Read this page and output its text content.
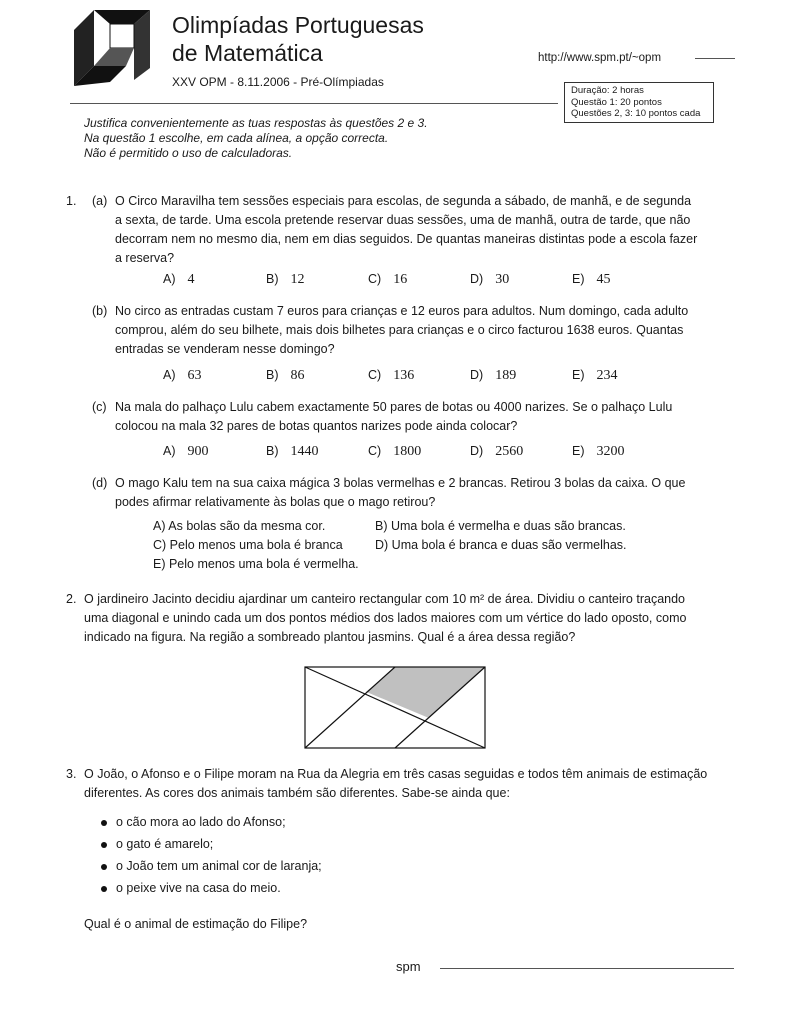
Olimpíadas Portuguesas
de Matemática
XXV OPM - 8.11.2006 - Pré-Olímpiadas
http://www.spm.pt/~opm
Duração: 2 horas
Questão 1: 20 pontos
Questões 2, 3: 10 pontos cada
Justifica convenientemente as tuas respostas às questões 2 e 3.
Na questão 1 escolhe, em cada alínea, a opção correcta.
Não é permitido o uso de calculadoras.
1. (a) O Circo Maravilha tem sessões especiais para escolas, de segunda a sábado, de manhã, e de segunda
a sexta, de tarde. Uma escola pretende reservar duas sessões, uma de manhã, outra de tarde, que não
decorram nem no mesmo dia, nem em dias seguidos. De quantas maneiras distintas pode a escola fazer
a reserva?
A) 4	B) 12	C) 16	D) 30	E) 45
(b) No circo as entradas custam 7 euros para crianças e 12 euros para adultos. Num domingo, cada adulto
comprou, além do seu bilhete, mais dois bilhetes para crianças e o circo facturou 1638 euros. Quantas
entradas se venderam nesse domingo?
A) 63	B) 86	C) 136	D) 189	E) 234
(c) Na mala do palhaço Lulu cabem exactamente 50 pares de botas ou 4000 narizes. Se o palhaço Lulu
colocou na mala 32 pares de botas quantos narizes pode ainda colocar?
A) 900	B) 1440	C) 1800	D) 2560	E) 3200
(d) O mago Kalu tem na sua caixa mágica 3 bolas vermelhas e 2 brancas. Retirou 3 bolas da caixa. O que
podes afirmar relativamente às bolas que o mago retirou?
A) As bolas são da mesma cor.	B) Uma bola é vermelha e duas são brancas.
C) Pelo menos uma bola é branca	D) Uma bola é branca e duas são vermelhas.
E) Pelo menos uma bola é vermelha.
2. O jardineiro Jacinto decidiu ajardinar um canteiro rectangular com 10 m² de área. Dividiu o canteiro traçando
uma diagonal e unindo cada um dos pontos médios dos lados maiores com um vértice do lado oposto, como
indicado na figura. Na região a sombreado plantou jasmins. Qual é a área dessa região?
3. O João, o Afonso e o Filipe moram na Rua da Alegria em três casas seguidas e todos têm animais de estimação
diferentes. As cores dos animais também são diferentes. Sabe-se ainda que:
o cão mora ao lado do Afonso;
o gato é amarelo;
o João tem um animal cor de laranja;
o peixe vive na casa do meio.
Qual é o animal de estimação do Filipe?
spm
